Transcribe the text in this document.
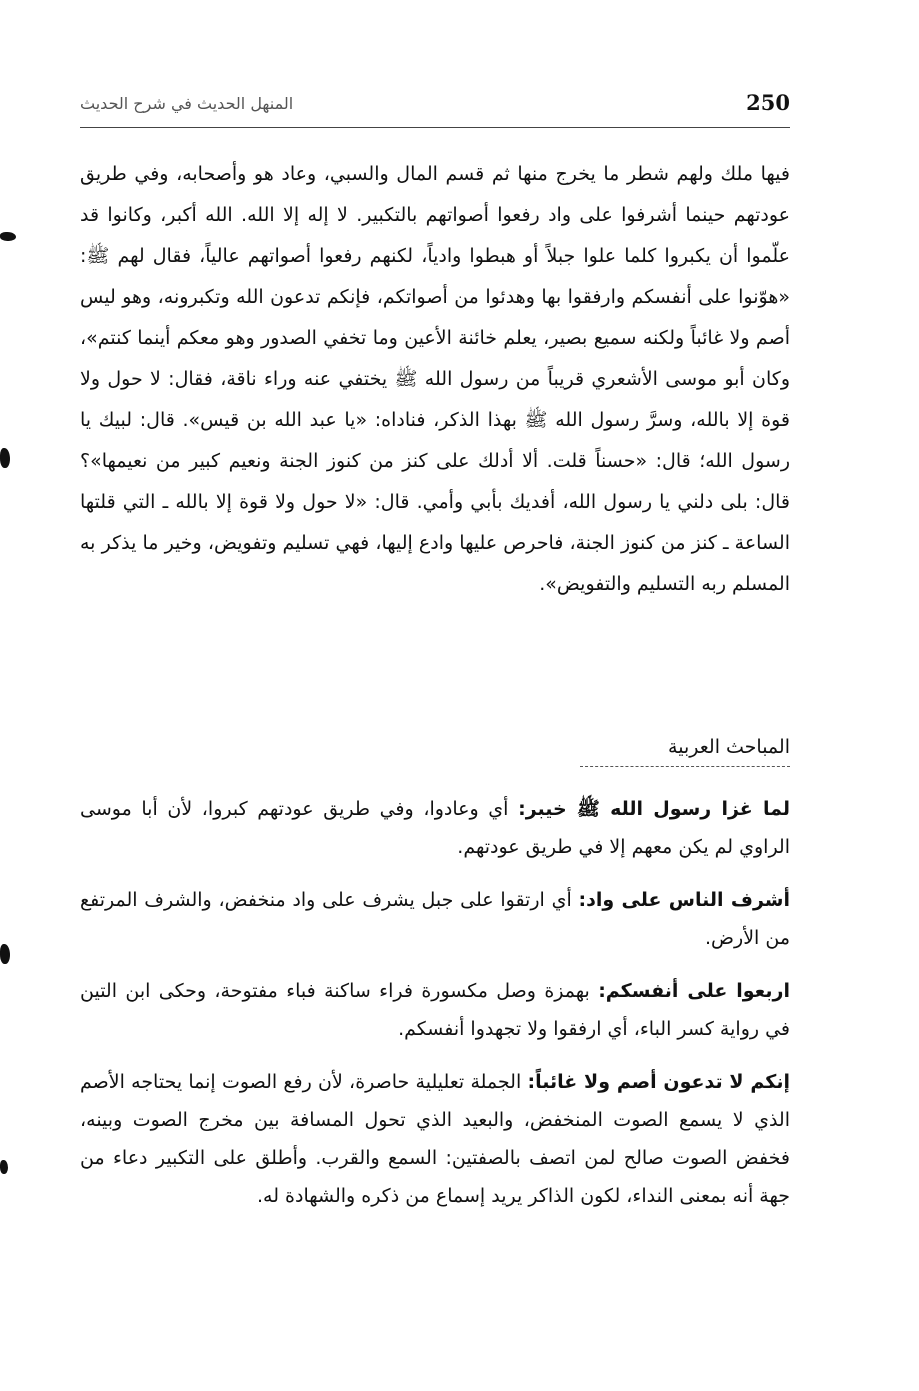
250
المنهل الحديث في شرح الحديث

فيها ملك ولهم شطر ما يخرج منها ثم قسم المال والسبي، وعاد هو وأصحابه، وفي طريق عودتهم حينما أشرفوا على واد رفعوا أصواتهم بالتكبير. لا إله إلا الله. الله أكبر، وكانوا قد علّموا أن يكبروا كلما علوا جبلاً أو هبطوا وادياً، لكنهم رفعوا أصواتهم عالياً، فقال لهم ﷺ: «هوّنوا على أنفسكم وارفقوا بها وهدئوا من أصواتكم، فإنكم تدعون الله وتكبرونه، وهو ليس أصم ولا غائباً ولكنه سميع بصير، يعلم خائنة الأعين وما تخفي الصدور وهو معكم أينما كنتم»، وكان أبو موسى الأشعري قريباً من رسول الله ﷺ يختفي عنه وراء ناقة، فقال: لا حول ولا قوة إلا بالله، وسرَّ رسول الله ﷺ بهذا الذكر، فناداه: «يا عبد الله بن قيس». قال: لبيك يا رسول الله؛ قال: «حسناً قلت. ألا أدلك على كنز من كنوز الجنة ونعيم كبير من نعيمها»؟ قال: بلى دلني يا رسول الله، أفديك بأبي وأمي. قال: «لا حول ولا قوة إلا بالله ـ التي قلتها الساعة ـ كنز من كنوز الجنة، فاحرص عليها وادع إليها، فهي تسليم وتفويض، وخير ما يذكر به المسلم ربه التسليم والتفويض».

المباحث العربية

لما غزا رسول الله ﷺ خيبر: أي وعادوا، وفي طريق عودتهم كبروا، لأن أبا موسى الراوي لم يكن معهم إلا في طريق عودتهم.

أشرف الناس على واد: أي ارتقوا على جبل يشرف على واد منخفض، والشرف المرتفع من الأرض.

اربعوا على أنفسكم: بهمزة وصل مكسورة فراء ساكنة فباء مفتوحة، وحكى ابن التين في رواية كسر الباء، أي ارفقوا ولا تجهدوا أنفسكم.

إنكم لا تدعون أصم ولا غائباً: الجملة تعليلية حاصرة، لأن رفع الصوت إنما يحتاجه الأصم الذي لا يسمع الصوت المنخفض، والبعيد الذي تحول المسافة بين مخرج الصوت وبينه، فخفض الصوت صالح لمن اتصف بالصفتين: السمع والقرب. وأطلق على التكبير دعاء من جهة أنه بمعنى النداء، لكون الذاكر يريد إسماع من ذكره والشهادة له.
